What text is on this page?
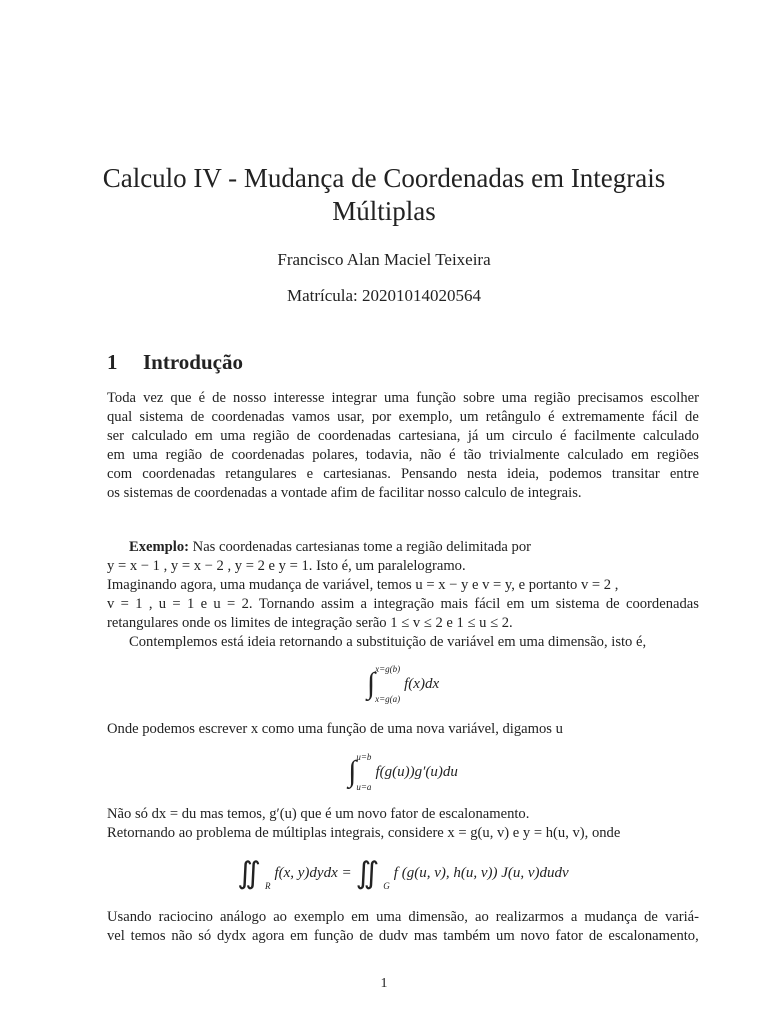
Calculo IV - Mudança de Coordenadas em Integrais
Múltiplas
Francisco Alan Maciel Teixeira
Matrícula: 20201014020564
1 Introdução
Toda vez que é de nosso interesse integrar uma função sobre uma região precisamos escolher
qual sistema de coordenadas vamos usar, por exemplo, um retângulo é extremamente fácil de
ser calculado em uma região de coordenadas cartesiana, já um circulo é facilmente calculado
em uma região de coordenadas polares, todavia, não é tão trivialmente calculado em regiões
com coordenadas retangulares e cartesianas. Pensando nesta ideia, podemos transitar entre
os sistemas de coordenadas a vontade afim de facilitar nosso calculo de integrais.
Exemplo: Nas coordenadas cartesianas tome a região delimitada por
y = x − 1 , y = x − 2 , y = 2 e y = 1. Isto é, um paralelogramo.
Imaginando agora, uma mudança de variável, temos u = x − y e v = y, e portanto v = 2 ,
v = 1 , u = 1 e u = 2. Tornando assim a integração mais fácil em um sistema de coordenadas
retangulares onde os limites de integração serão 1 ≤ v ≤ 2 e 1 ≤ u ≤ 2.
Contemplemos está ideia retornando a substituição de variável em uma dimensão, isto é,
∫ x=g(b)
x=g(a)
f(x)dx
Onde podemos escrever x como uma função de uma nova variável, digamos u
∫ u=b
u=a
f(g(u))g′(u)du
Não só dx = du mas temos, g′(u) que é um novo fator de escalonamento.
Retornando ao problema de múltiplas integrais, considere x = g(u, v) e y = h(u, v), onde
∬ R
f(x, y)dydx = ∬ G
f (g(u, v), h(u, v)) J(u, v)dudv
Usando raciocino análogo ao exemplo em uma dimensão, ao realizarmos a mudança de variá-
vel temos não só dydx agora em função de dudv mas também um novo fator de escalonamento,
1
